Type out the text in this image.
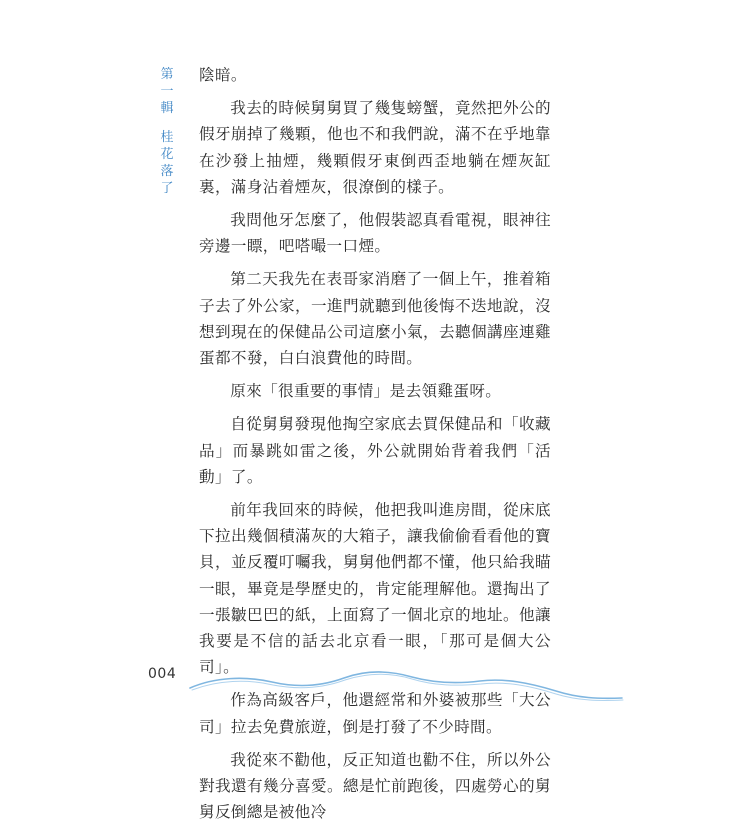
第
一
輯
桂
花
落
了

陰暗。

我去的時候舅舅買了幾隻螃蟹，竟然把外公的假牙崩掉了幾顆，他也不和我們說，滿不在乎地靠在沙發上抽煙，幾顆假牙東倒西歪地躺在煙灰缸裏，滿身沾着煙灰，很潦倒的樣子。

我問他牙怎麼了，他假裝認真看電視，眼神往旁邊一瞟，吧嗒嘬一口煙。

第二天我先在表哥家消磨了一個上午，推着箱子去了外公家，一進門就聽到他後悔不迭地說，沒想到現在的保健品公司這麼小氣，去聽個講座連雞蛋都不發，白白浪費他的時間。

原來「很重要的事情」是去領雞蛋呀。

自從舅舅發現他掏空家底去買保健品和「收藏品」而暴跳如雷之後，外公就開始背着我們「活動」了。

前年我回來的時候，他把我叫進房間，從床底下拉出幾個積滿灰的大箱子，讓我偷偷看看他的寶貝，並反覆叮囑我，舅舅他們都不懂，他只給我瞄一眼，畢竟是學歷史的，肯定能理解他。還掏出了一張皺巴巴的紙，上面寫了一個北京的地址。他讓我要是不信的話去北京看一眼，「那可是個大公司」。

作為高級客戶，他還經常和外婆被那些「大公司」拉去免費旅遊，倒是打發了不少時間。

我從來不勸他，反正知道也勸不住，所以外公對我還有幾分喜愛。總是忙前跑後，四處勞心的舅舅反倒總是被他冷

004
